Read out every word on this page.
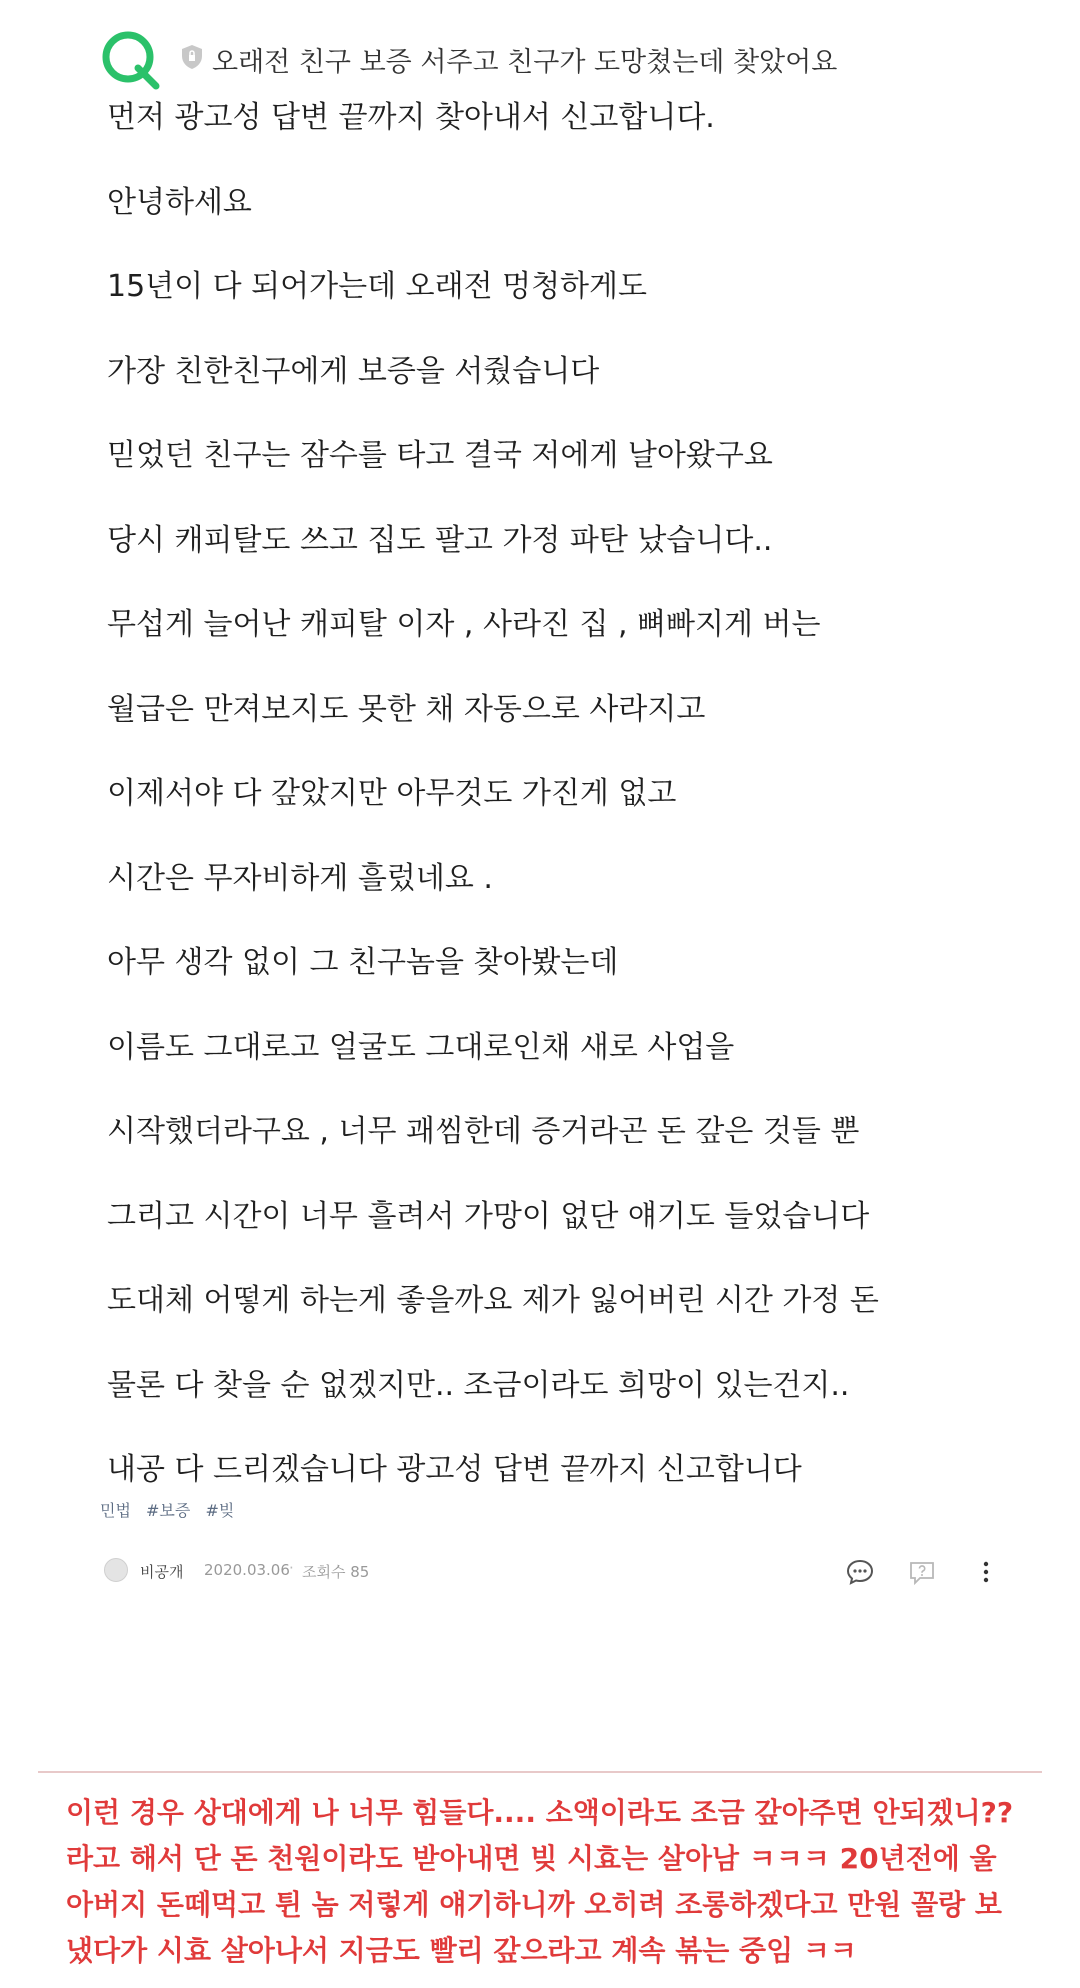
오래전 친구 보증 서주고 친구가 도망쳤는데 찾았어요
먼저 광고성 답변 끝까지 찾아내서 신고합니다.
안녕하세요
15년이 다 되어가는데 오래전 멍청하게도
가장 친한친구에게 보증을 서줬습니다
믿었던 친구는 잠수를 타고 결국 저에게 날아왔구요
당시 캐피탈도 쓰고 집도 팔고 가정 파탄 났습니다..
무섭게 늘어난 캐피탈 이자 , 사라진 집 , 뼈빠지게 버는
월급은 만져보지도 못한 채 자동으로 사라지고
이제서야 다 갚았지만 아무것도 가진게 없고
시간은 무자비하게 흘렀네요 .
아무 생각 없이 그 친구놈을 찾아봤는데
이름도 그대로고 얼굴도 그대로인채 새로 사업을
시작했더라구요 , 너무 괘씸한데 증거라곤 돈 갚은 것들 뿐
그리고 시간이 너무 흘려서 가망이 없단 얘기도 들었습니다
도대체 어떻게 하는게 좋을까요 제가 잃어버린 시간 가정 돈
물론 다 찾을 순 없겠지만.. 조금이라도 희망이 있는건지..
내공 다 드리겠습니다 광고성 답변 끝까지 신고합니다
민법 #보증 #빚
비공개 2020.03.06 · 조회수 85
이런 경우 상대에게 나 너무 힘들다.... 소액이라도 조금 갚아주면 안되겠니??
라고 해서 단 돈 천원이라도 받아내면 빚 시효는 살아남 ㅋㅋㅋ 20년전에 울
아버지 돈떼먹고 튄 놈 저렇게 얘기하니까 오히려 조롱하겠다고 만원 꼴랑 보
냈다가 시효 살아나서 지금도 빨리 갚으라고 계속 볶는 중임 ㅋㅋ
